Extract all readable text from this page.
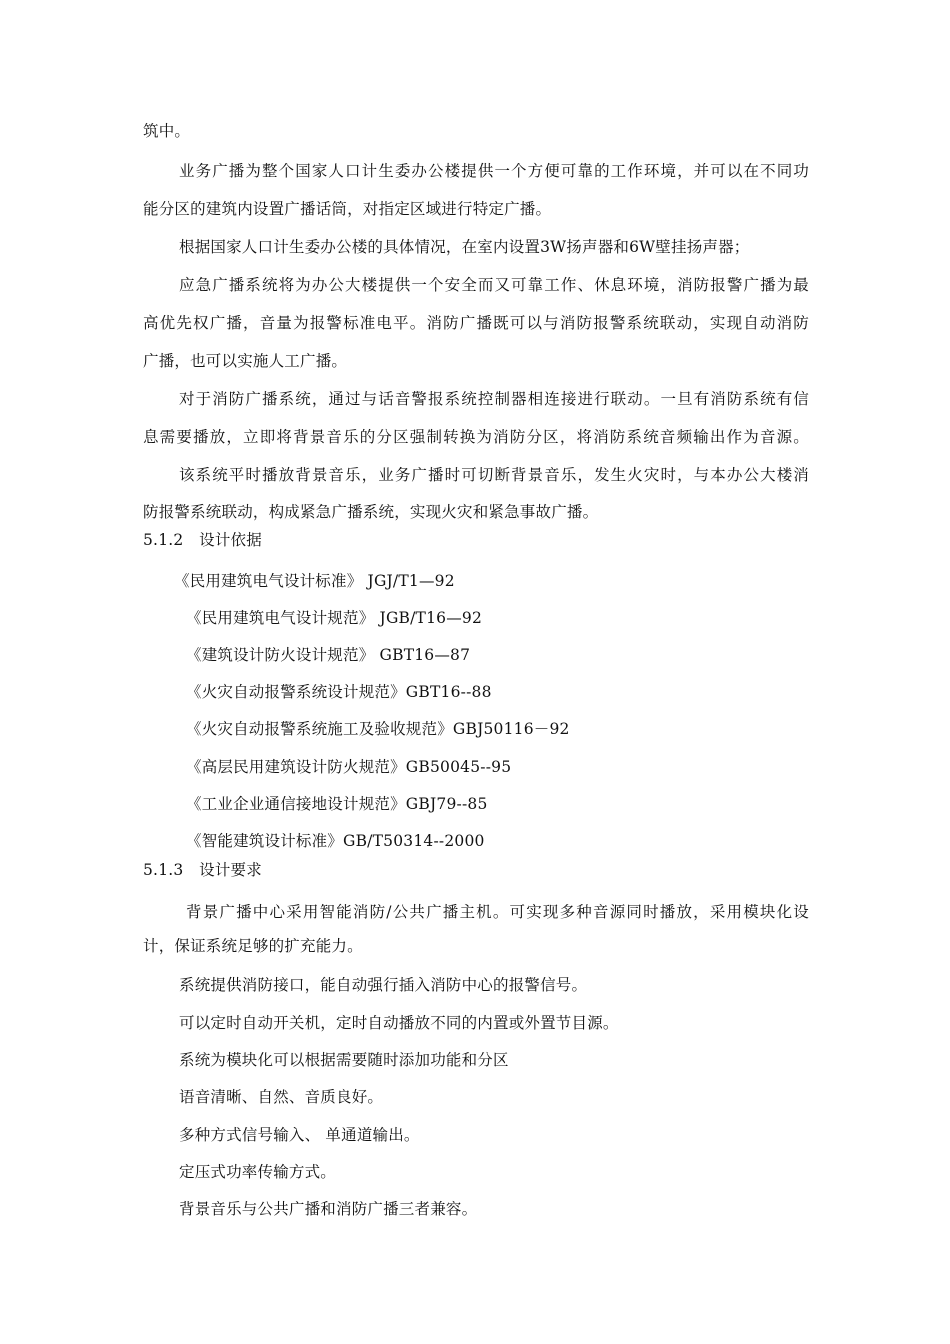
筑中。
业务广播为整个国家人口计生委办公楼提供一个方便可靠的工作环境，并可以在不同功
能分区的建筑内设置广播话筒，对指定区域进行特定广播。
根据国家人口计生委办公楼的具体情况，在室内设置3W扬声器和6W壁挂扬声器；
应急广播系统将为办公大楼提供一个安全而又可靠工作、休息环境，消防报警广播为最
高优先权广播，音量为报警标准电平。消防广播既可以与消防报警系统联动，实现自动消防
广播，也可以实施人工广播。
对于消防广播系统，通过与话音警报系统控制器相连接进行联动。一旦有消防系统有信
息需要播放，立即将背景音乐的分区强制转换为消防分区，将消防系统音频输出作为音源。
该系统平时播放背景音乐，业务广播时可切断背景音乐，发生火灾时，与本办公大楼消
防报警系统联动，构成紧急广播系统，实现火灾和紧急事故广播。
5.1.2　设计依据
《民用建筑电气设计标准》 JGJ/T1—92
《民用建筑电气设计规范》 JGB/T16—92
《建筑设计防火设计规范》 GBT16—87
《火灾自动报警系统设计规范》GBT16--88
《火灾自动报警系统施工及验收规范》GBJ50116－92
《高层民用建筑设计防火规范》GB50045--95
《工业企业通信接地设计规范》GBJ79--85
《智能建筑设计标准》GB/T50314--2000
5.1.3　设计要求
背景广播中心采用智能消防/公共广播主机。可实现多种音源同时播放，采用模块化设
计，保证系统足够的扩充能力。
系统提供消防接口，能自动强行插入消防中心的报警信号。
可以定时自动开关机，定时自动播放不同的内置或外置节目源。
系统为模块化可以根据需要随时添加功能和分区
语音清晰、自然、音质良好。
多种方式信号输入、 单通道输出。
定压式功率传输方式。
背景音乐与公共广播和消防广播三者兼容。
